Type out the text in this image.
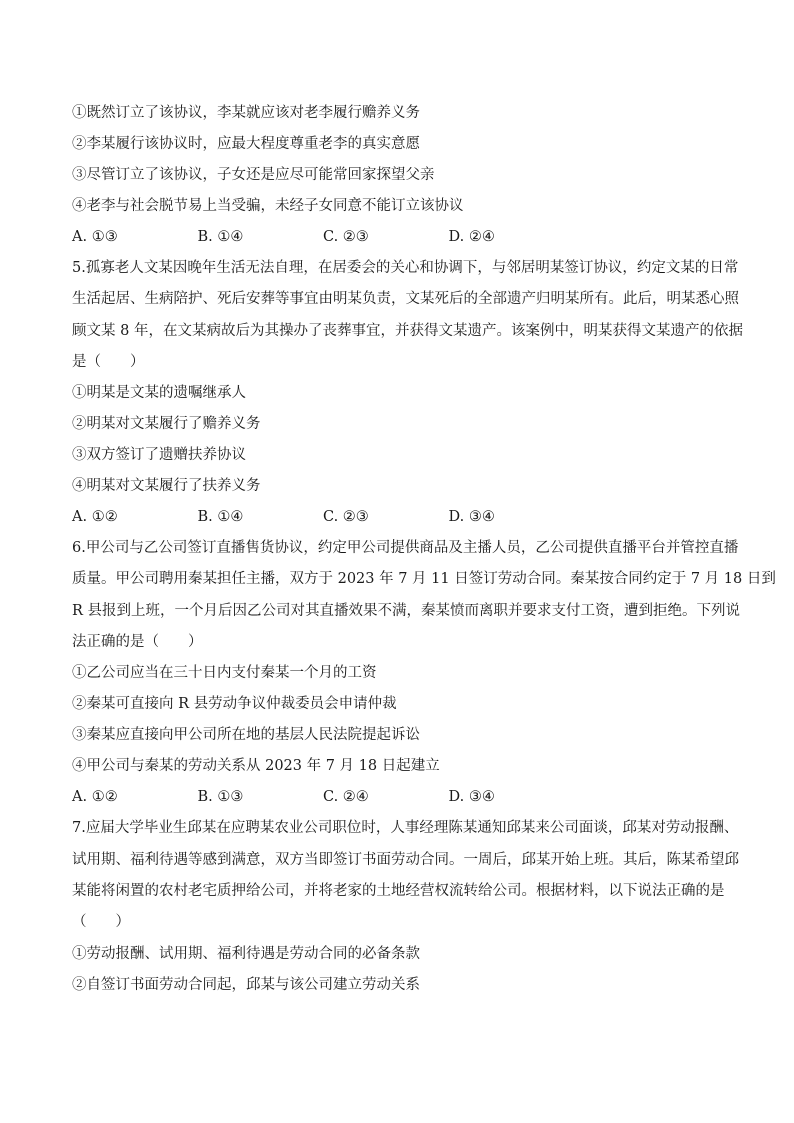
①既然订立了该协议，李某就应该对老李履行赡养义务
②李某履行该协议时，应最大程度尊重老李的真实意愿
③尽管订立了该协议，子女还是应尽可能常回家探望父亲
④老李与社会脱节易上当受骗，未经子女同意不能订立该协议
A. ①③	B. ①④	C. ②③	D. ②④
5.孤寡老人文某因晚年生活无法自理，在居委会的关心和协调下，与邻居明某签订协议，约定文某的日常
生活起居、生病陪护、死后安葬等事宜由明某负责，文某死后的全部遗产归明某所有。此后，明某悉心照
顾文某 8 年，在文某病故后为其操办了丧葬事宜，并获得文某遗产。该案例中，明某获得文某遗产的依据
是（　　）
①明某是文某的遗嘱继承人
②明某对文某履行了赡养义务
③双方签订了遗赠扶养协议
④明某对文某履行了扶养义务
A. ①②	B. ①④	C. ②③	D. ③④
6.甲公司与乙公司签订直播售货协议，约定甲公司提供商品及主播人员，乙公司提供直播平台并管控直播
质量。甲公司聘用秦某担任主播，双方于 2023 年 7 月 11 日签订劳动合同。秦某按合同约定于 7 月 18 日到
R 县报到上班，一个月后因乙公司对其直播效果不满，秦某愤而离职并要求支付工资，遭到拒绝。下列说
法正确的是（　　）
①乙公司应当在三十日内支付秦某一个月的工资
②秦某可直接向 R 县劳动争议仲裁委员会申请仲裁
③秦某应直接向甲公司所在地的基层人民法院提起诉讼
④甲公司与秦某的劳动关系从 2023 年 7 月 18 日起建立
A. ①②	B. ①③	C. ②④	D. ③④
7.应届大学毕业生邱某在应聘某农业公司职位时，人事经理陈某通知邱某来公司面谈，邱某对劳动报酬、
试用期、福利待遇等感到满意，双方当即签订书面劳动合同。一周后，邱某开始上班。其后，陈某希望邱
某能将闲置的农村老宅质押给公司，并将老家的土地经营权流转给公司。根据材料，以下说法正确的是
（　　）
①劳动报酬、试用期、福利待遇是劳动合同的必备条款
②自签订书面劳动合同起，邱某与该公司建立劳动关系
